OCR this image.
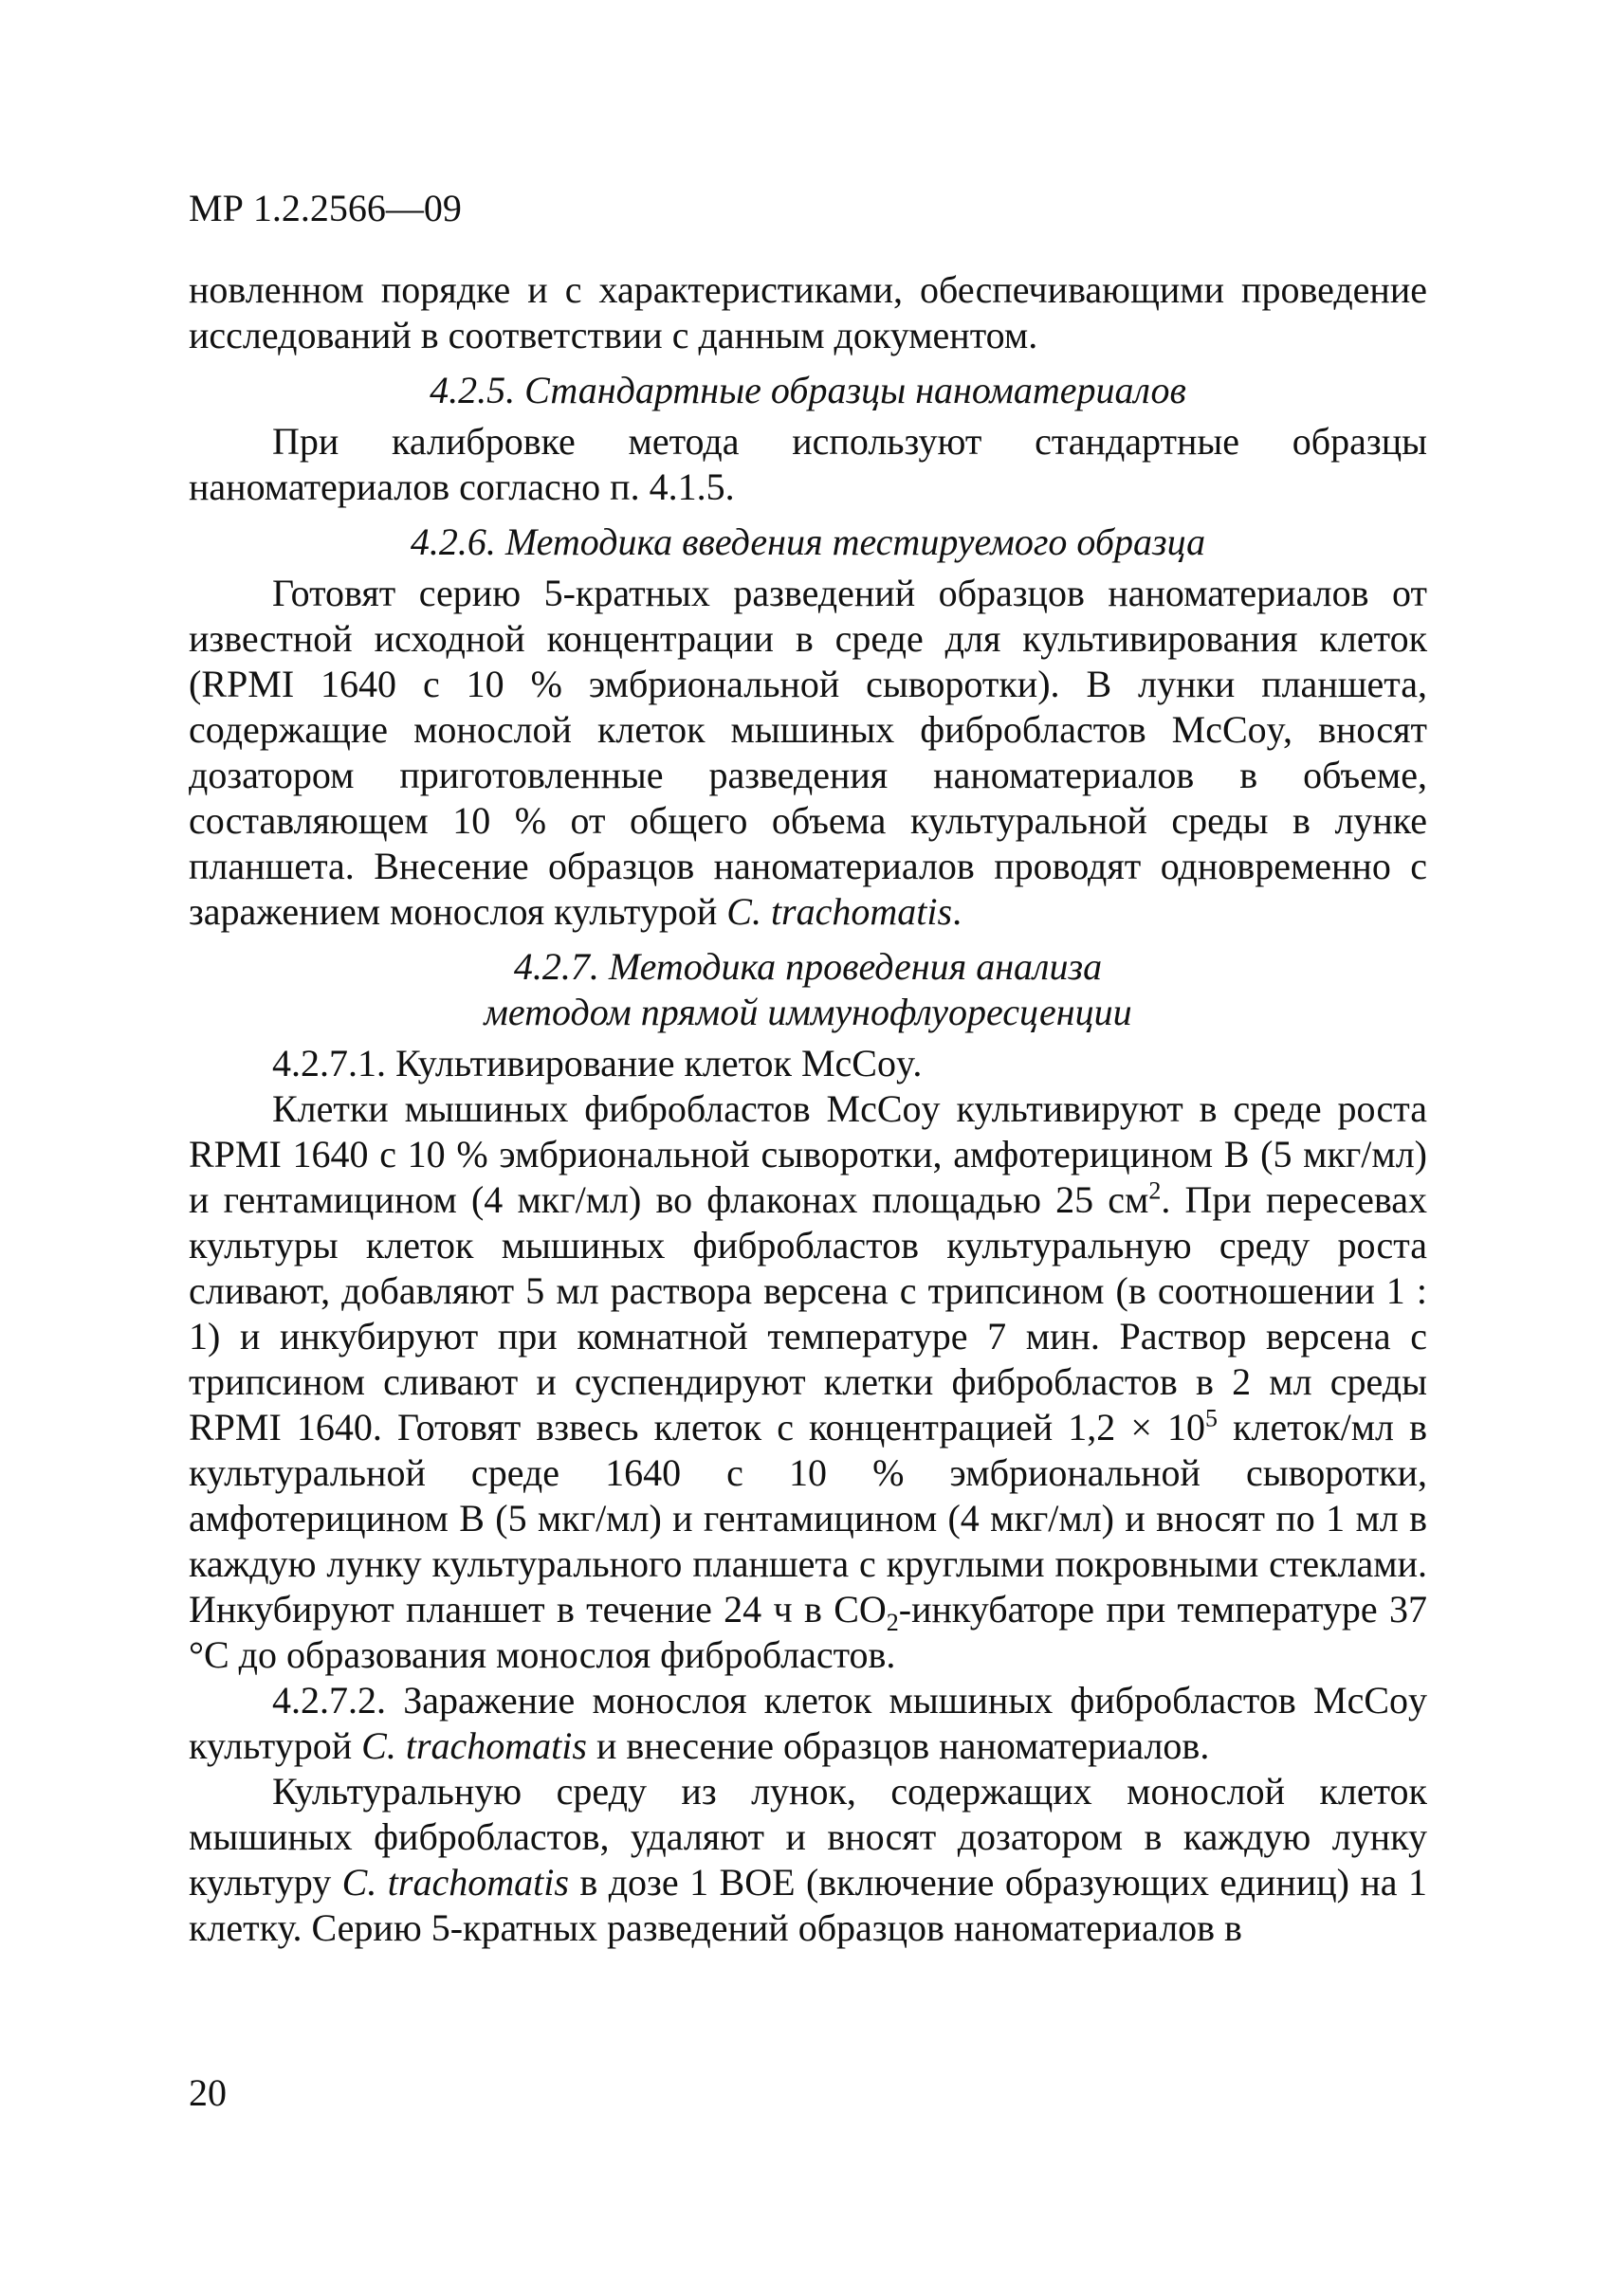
МР 1.2.2566—09

новленном порядке и с характеристиками, обеспечивающими проведение исследований в соответствии с данным документом.

4.2.5. Стандартные образцы наноматериалов

При калибровке метода используют стандартные образцы наноматериалов согласно п. 4.1.5.

4.2.6. Методика введения тестируемого образца

Готовят серию 5-кратных разведений образцов наноматериалов от известной исходной концентрации в среде для культивирования клеток (RPMI 1640 с 10 % эмбриональной сыворотки). В лунки планшета, содержащие монослой клеток мышиных фибробластов McCoy, вносят дозатором приготовленные разведения наноматериалов в объеме, составляющем 10 % от общего объема культуральной среды в лунке планшета. Внесение образцов наноматериалов проводят одновременно с заражением монослоя культурой C. trachomatis.

4.2.7. Методика проведения анализа
методом прямой иммунофлуоресценции

4.2.7.1. Культивирование клеток McCoy.

Клетки мышиных фибробластов McCoy культивируют в среде роста RPMI 1640 с 10 % эмбриональной сыворотки, амфотерицином В (5 мкг/мл) и гентамицином (4 мкг/мл) во флаконах площадью 25 $см^2$. При пересевах культуры клеток мышиных фибробластов культуральную среду роста сливают, добавляют 5 мл раствора версена с трипсином (в соотношении 1 : 1) и инкубируют при комнатной температуре 7 мин. Раствор версена с трипсином сливают и суспендируют клетки фибробластов в 2 мл среды RPMI 1640. Готовят взвесь клеток с концентрацией $1,2 \times 10^5$ клеток/мл в культуральной среде 1640 с 10 % эмбриональной сыворотки, амфотерицином В (5 мкг/мл) и гентамицином (4 мкг/мл) и вносят по 1 мл в каждую лунку культурального планшета с круглыми покровными стеклами. Инкубируют планшет в течение 24 ч в $СО_2$-инкубаторе при температуре 37 °С до образования монослоя фибробластов.

4.2.7.2. Заражение монослоя клеток мышиных фибробластов McCoy культурой C. trachomatis и внесение образцов наноматериалов.

Культуральную среду из лунок, содержащих монослой клеток мышиных фибробластов, удаляют и вносят дозатором в каждую лунку культуру C. trachomatis в дозе 1 ВОЕ (включение образующих единиц) на 1 клетку. Серию 5-кратных разведений образцов наноматериалов в

20
